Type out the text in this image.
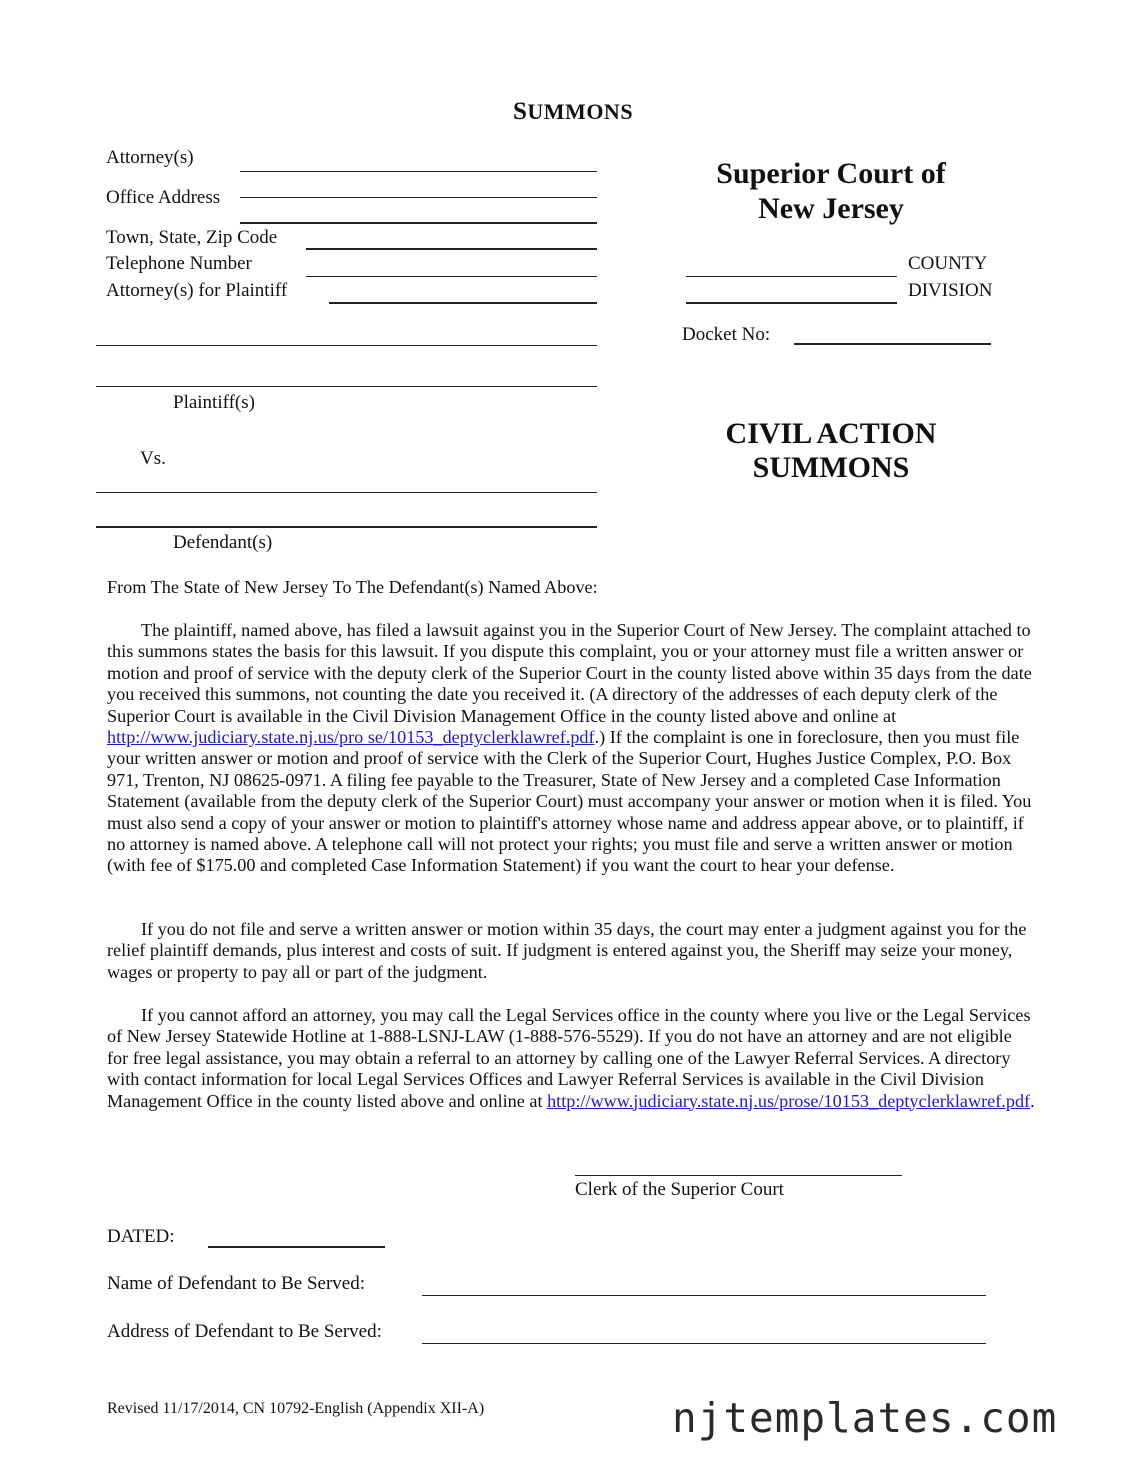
SUMMONS
Attorney(s)
Office Address
Town, State, Zip Code
Telephone Number
Attorney(s) for Plaintiff
Plaintiff(s)
Vs.
Defendant(s)
Superior Court of
New Jersey
COUNTY
DIVISION
Docket No:
CIVIL ACTION
SUMMONS
From The State of New Jersey To The Defendant(s) Named Above:

The plaintiff, named above, has filed a lawsuit against you in the Superior Court of New Jersey. The complaint attached to this summons states the basis for this lawsuit. If you dispute this complaint, you or your attorney must file a written answer or motion and proof of service with the deputy clerk of the Superior Court in the county listed above within 35 days from the date you received this summons, not counting the date you received it. (A directory of the addresses of each deputy clerk of the Superior Court is available in the Civil Division Management Office in the county listed above and online at http://www.judiciary.state.nj.us/pro se/10153_deptyclerklawref.pdf.) If the complaint is one in foreclosure, then you must file your written answer or motion and proof of service with the Clerk of the Superior Court, Hughes Justice Complex, P.O. Box 971, Trenton, NJ 08625-0971. A filing fee payable to the Treasurer, State of New Jersey and a completed Case Information Statement (available from the deputy clerk of the Superior Court) must accompany your answer or motion when it is filed. You must also send a copy of your answer or motion to plaintiff's attorney whose name and address appear above, or to plaintiff, if no attorney is named above. A telephone call will not protect your rights; you must file and serve a written answer or motion (with fee of $175.00 and completed Case Information Statement) if you want the court to hear your defense.

If you do not file and serve a written answer or motion within 35 days, the court may enter a judgment against you for the relief plaintiff demands, plus interest and costs of suit. If judgment is entered against you, the Sheriff may seize your money, wages or property to pay all or part of the judgment.

If you cannot afford an attorney, you may call the Legal Services office in the county where you live or the Legal Services of New Jersey Statewide Hotline at 1-888-LSNJ-LAW (1-888-576-5529). If you do not have an attorney and are not eligible for free legal assistance, you may obtain a referral to an attorney by calling one of the Lawyer Referral Services. A directory with contact information for local Legal Services Offices and Lawyer Referral Services is available in the Civil Division Management Office in the county listed above and online at http://www.judiciary.state.nj.us/prose/10153_deptyclerklawref.pdf.

Clerk of the Superior Court
DATED:
Name of Defendant to Be Served:
Address of Defendant to Be Served:
Revised 11/17/2014, CN 10792-English (Appendix XII-A)	njtemplates.com
